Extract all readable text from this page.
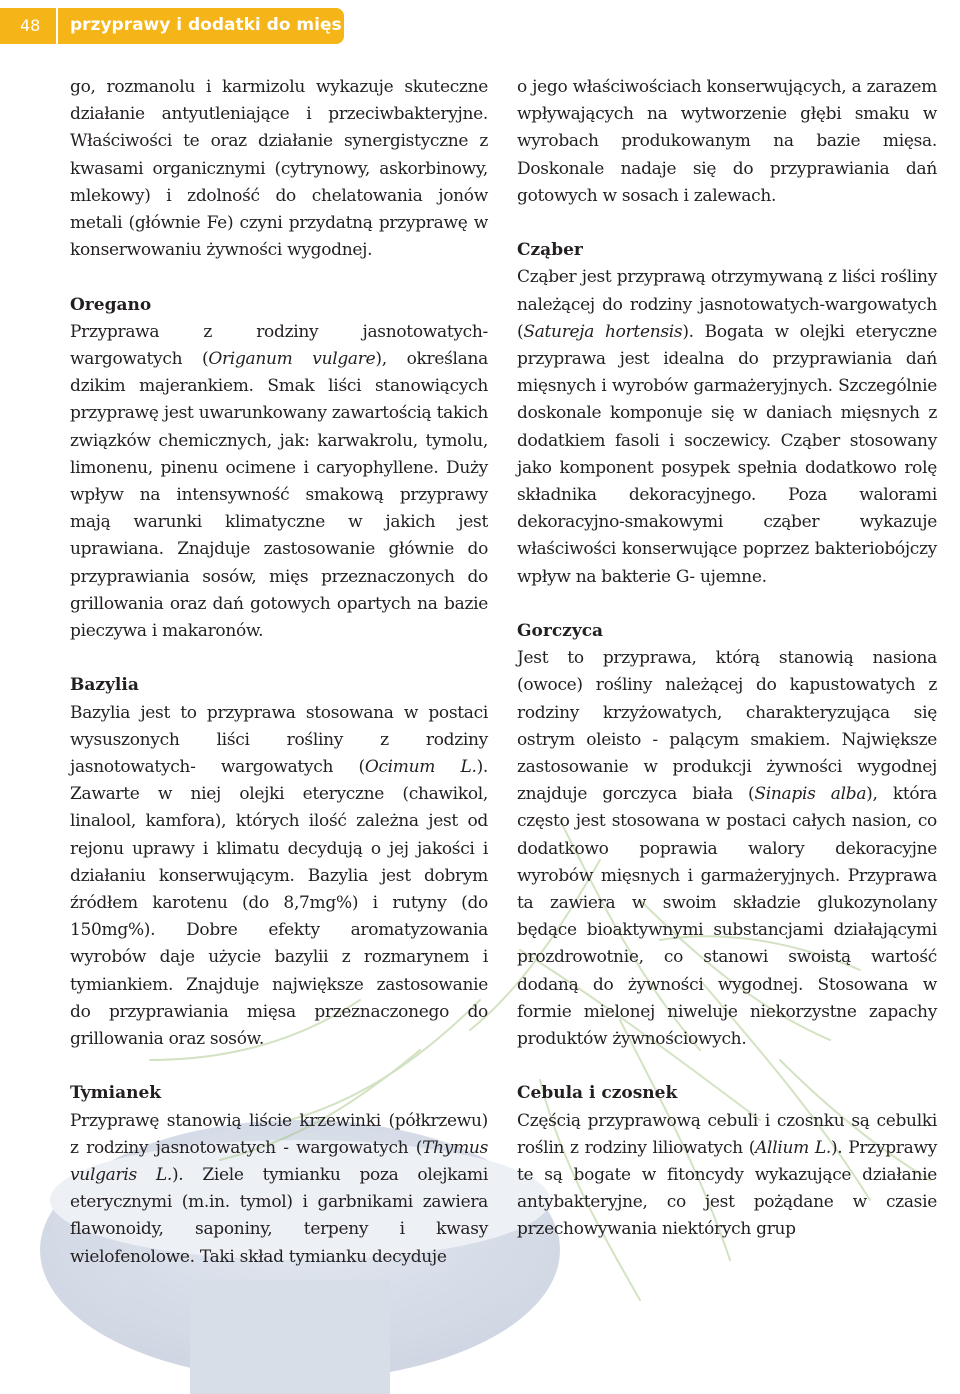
48 przyprawy i dodatki do mięs

go, rozmanolu i karmizolu wykazuje skuteczne działanie antyutleniające i przeciwbakteryjne. Właściwości te oraz działanie synergistyczne z kwasami organicznymi (cytrynowy, askorbinowy, mlekowy) i zdolność do chelatowania jonów metali (głównie Fe) czyni przydatną przyprawę w konserwowaniu żywności wygodnej.

Oregano

Przyprawa z rodziny jasnotowatych- wargowatych (Origanum vulgare), określana dzikim majerankiem. Smak liści stanowiących przyprawę jest uwarunkowany zawartością takich związków chemicznych, jak: karwakrolu, tymolu, limonenu, pinenu ocimene i caryophyllene. Duży wpływ na intensywność smakową przyprawy mają warunki klimatyczne w jakich jest uprawiana. Znajduje zastosowanie głównie do przyprawiania sosów, mięs przeznaczonych do grillowania oraz dań gotowych opartych na bazie pieczywa i makaronów.

Bazylia

Bazylia jest to przyprawa stosowana w postaci wysuszonych liści rośliny z rodziny jasnotowatych- wargowatych (Ocimum L.). Zawarte w niej olejki eteryczne (chawikol, linalool, kamfora), których ilość zależna jest od rejonu uprawy i klimatu decydują o jej jakości i działaniu konserwującym. Bazylia jest dobrym źródłem karotenu (do 8,7mg%) i rutyny (do 150mg%). Dobre efekty aromatyzowania wyrobów daje użycie bazylii z rozmarynem i tymiankiem. Znajduje największe zastosowanie do przyprawiania mięsa przeznaczonego do grillowania oraz sosów.

Tymianek

Przyprawę stanowią liście krzewinki (półkrzewu) z rodziny jasnotowatych - wargowatych (Thymus vulgaris L.). Ziele tymianku poza olejkami eterycznymi (m.in. tymol) i garbnikami zawiera flawonoidy, saponiny, terpeny i kwasy wielofenolowe. Taki skład tymianku decyduje

o jego właściwościach konserwujących, a zarazem wpływających na wytworzenie głębi smaku w wyrobach produkowanym na bazie mięsa. Doskonale nadaje się do przyprawiania dań gotowych w sosach i zalewach.

Cząber

Cząber jest przyprawą otrzymywaną z liści rośliny należącej do rodziny jasnotowatych-wargowatych (Satureja hortensis). Bogata w olejki eteryczne przyprawa jest idealna do przyprawiania dań mięsnych i wyrobów garmażeryjnych. Szczególnie doskonale komponuje się w daniach mięsnych z dodatkiem fasoli i soczewicy. Cząber stosowany jako komponent posypek spełnia dodatkowo rolę składnika dekoracyjnego. Poza walorami dekoracyjno-smakowymi cząber wykazuje właściwości konserwujące poprzez bakteriobójczy wpływ na bakterie G- ujemne.

Gorczyca

Jest to przyprawa, którą stanowią nasiona (owoce) rośliny należącej do kapustowatych z rodziny krzyżowatych, charakteryzująca się ostrym oleisto - palącym smakiem. Największe zastosowanie w produkcji żywności wygodnej znajduje gorczyca biała (Sinapis alba), która często jest stosowana w postaci całych nasion, co dodatkowo poprawia walory dekoracyjne wyrobów mięsnych i garmażeryjnych. Przyprawa ta zawiera w swoim składzie glukozynolany będące bioaktywnymi substancjami działającymi prozdrowotnie, co stanowi swoistą wartość dodaną do żywności wygodnej. Stosowana w formie mielonej niweluje niekorzystne zapachy produktów żywnościowych.

Cebula i czosnek

Częścią przyprawową cebuli i czosnku są cebulki roślin z rodziny liliowatych (Allium L.). Przyprawy te są bogate w fitoncydy wykazujące działanie antybakteryjne, co jest pożądane w czasie przechowywania niektórych grup
